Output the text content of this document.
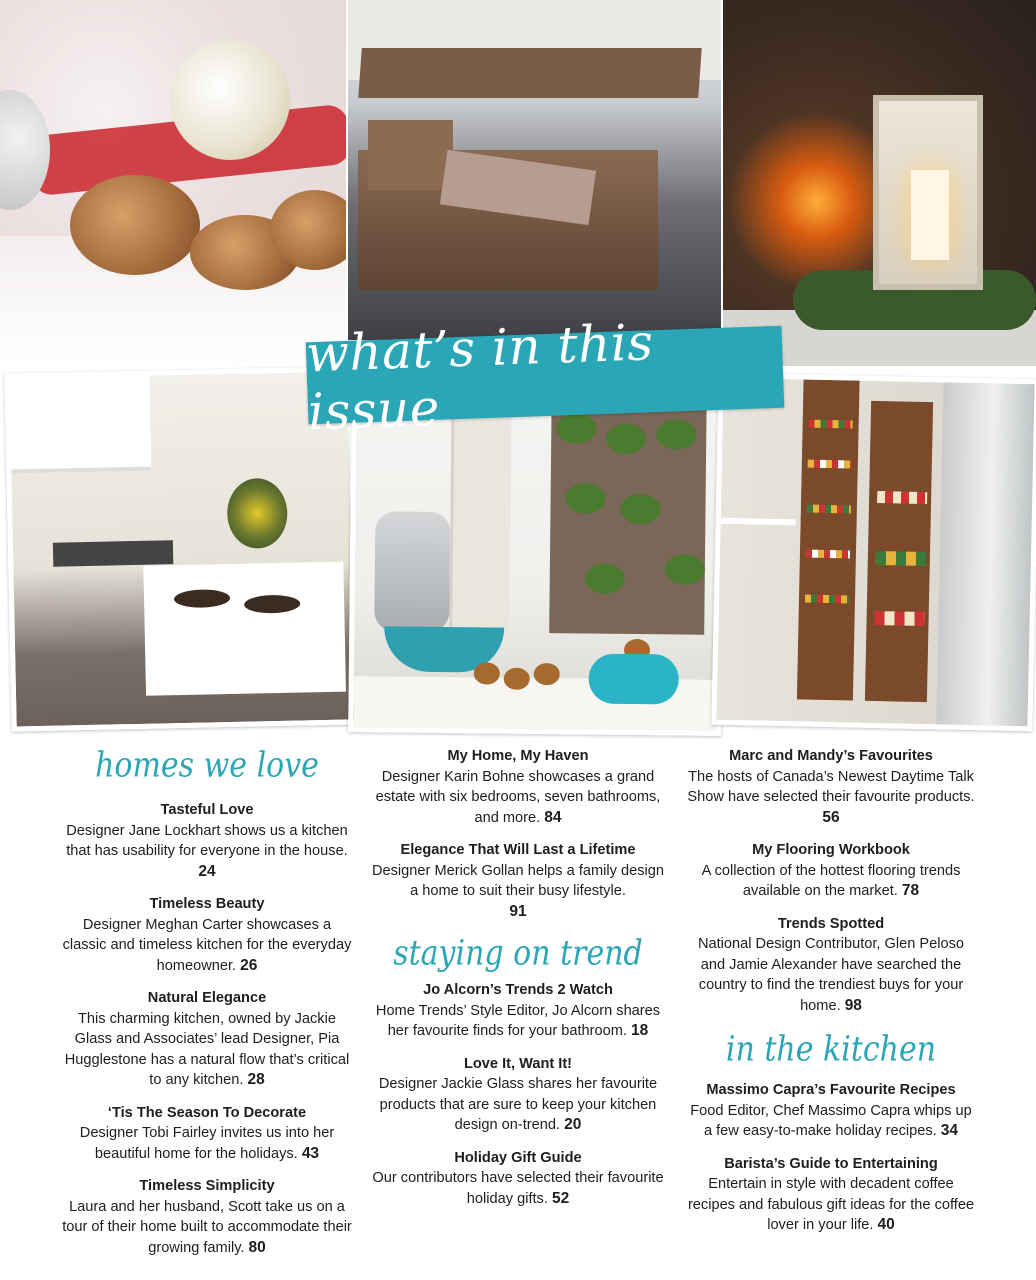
what’s in this issue
homes we love
Tasteful Love
Designer Jane Lockhart shows us a kitchen that has usability for everyone in the house. 24
Timeless Beauty
Designer Meghan Carter showcases a classic and timeless kitchen for the everyday homeowner. 26
Natural Elegance
This charming kitchen, owned by Jackie Glass and Associates’ lead Designer, Pia Hugglestone has a natural flow that’s critical to any kitchen. 28
‘Tis The Season To Decorate
Designer Tobi Fairley invites us into her beautiful home for the holidays. 43
Timeless Simplicity
Laura and her husband, Scott take us on a tour of their home built to accommodate their growing family. 80
My Home, My Haven
Designer Karin Bohne showcases a grand estate with six bedrooms, seven bathrooms, and more. 84
Elegance That Will Last a Lifetime
Designer Merick Gollan helps a family design a home to suit their busy lifestyle.
91
staying on trend
Jo Alcorn’s Trends 2 Watch
Home Trends’ Style Editor, Jo Alcorn shares her favourite finds for your bathroom. 18
Love It, Want It!
Designer Jackie Glass shares her favourite products that are sure to keep your kitchen design on-trend. 20
Holiday Gift Guide
Our contributors have selected their favourite holiday gifts. 52
Marc and Mandy’s Favourites
The hosts of Canada’s Newest Daytime Talk Show have selected their favourite products. 56
My Flooring Workbook
A collection of the hottest flooring trends available on the market. 78
Trends Spotted
National Design Contributor, Glen Peloso and Jamie Alexander have searched the country to find the trendiest buys for your home. 98
in the kitchen
Massimo Capra’s Favourite Recipes
Food Editor, Chef Massimo Capra whips up a few easy-to-make holiday recipes. 34
Barista’s Guide to Entertaining
Entertain in style with decadent coffee recipes and fabulous gift ideas for the coffee lover in your life. 40
